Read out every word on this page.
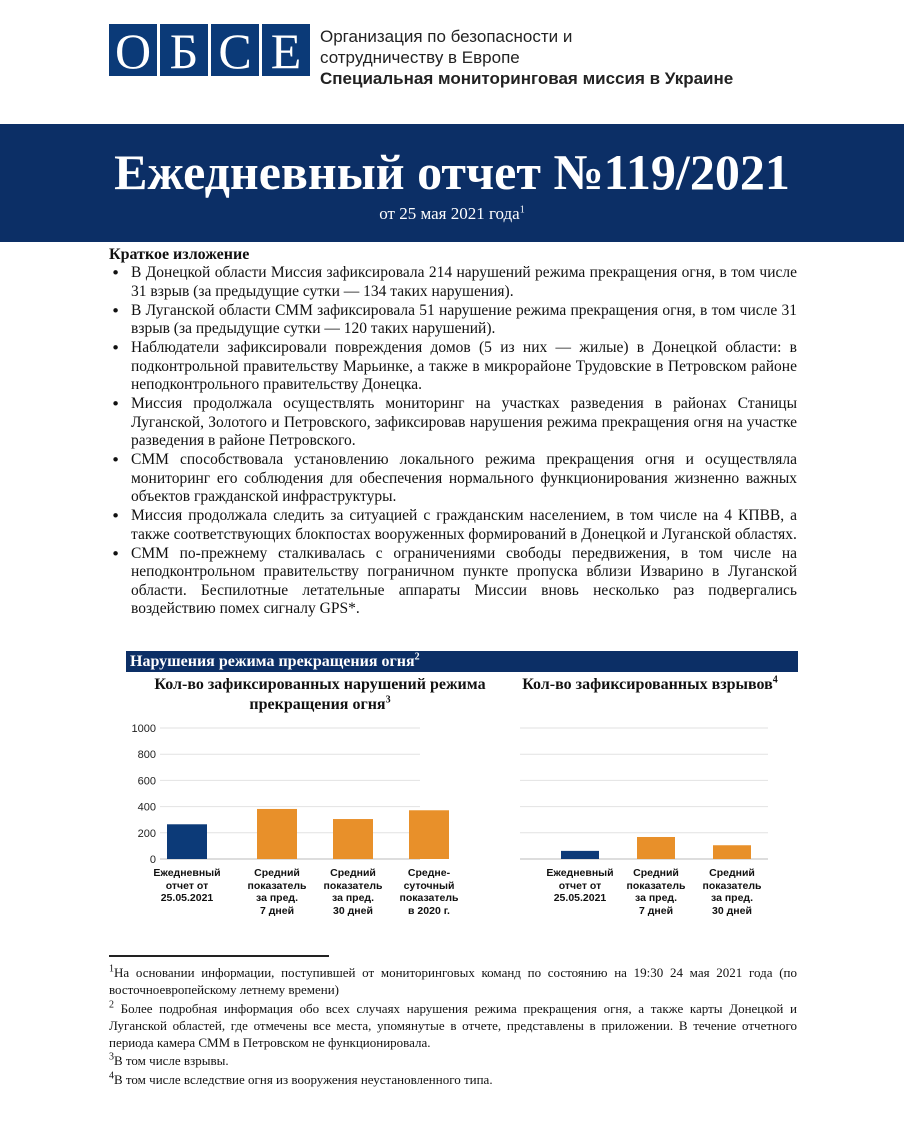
О Б С Е	Организация по безопасности и
сотрудничеству в Европе
Специальная мониторинговая миссия в Украине
Ежедневный отчет №119/2021
от 25 мая 2021 года$^1$
Краткое изложение
• В Донецкой области Миссия зафиксировала 214 нарушений режима прекращения огня, в том числе 31 взрыв (за предыдущие сутки — 134 таких нарушения).
• В Луганской области СММ зафиксировала 51 нарушение режима прекращения огня, в том числе 31 взрыв (за предыдущие сутки — 120 таких нарушений).
• Наблюдатели зафиксировали повреждения домов (5 из них — жилые) в Донецкой области: в подконтрольной правительству Марьинке, а также в микрорайоне Трудовские в Петровском районе неподконтрольного правительству Донецка.
• Миссия продолжала осуществлять мониторинг на участках разведения в районах Станицы Луганской, Золотого и Петровского, зафиксировав нарушения режима прекращения огня на участке разведения в районе Петровского.
• СММ способствовала установлению локального режима прекращения огня и осуществляла мониторинг его соблюдения для обеспечения нормального функционирования жизненно важных объектов гражданской инфраструктуры.
• Миссия продолжала следить за ситуацией с гражданским населением, в том числе на 4 КПВВ, а также соответствующих блокпостах вооруженных формирований в Донецкой и Луганской областях.
• СММ по-прежнему сталкивалась с ограничениями свободы передвижения, в том числе на неподконтрольном правительству пограничном пункте пропуска вблизи Изварино в Луганской области. Беспилотные летательные аппараты Миссии вновь несколько раз подвергались воздействию помех сигналу GPS*.
Нарушения режима прекращения огня$^2$
Кол-во зафиксированных нарушений режима прекращения огня$^3$
Кол-во зафиксированных взрывов$^4$
0
200
400
600
800
1000
Ежедневный
отчет от
25.05.2021
Средний
показатель
за пред.
7 дней
Средний
показатель
за пред.
30 дней
Средне-
суточный
показатель
в 2020 г.
Ежедневный
отчет от
25.05.2021
Средний
показатель
за пред.
7 дней
Средний
показатель
за пред.
30 дней
$^1$На основании информации, поступившей от мониторинговых команд по состоянию на 19:30 24 мая 2021 года (по восточноевропейскому летнему времени)
$^2$ Более подробная информация обо всех случаях нарушения режима прекращения огня, а также карты Донецкой и Луганской областей, где отмечены все места, упомянутые в отчете, представлены в приложении. В течение отчетного периода камера СММ в Петровском не функционировала.
$^3$В том числе взрывы.
$^4$В том числе вследствие огня из вооружения неустановленного типа.
